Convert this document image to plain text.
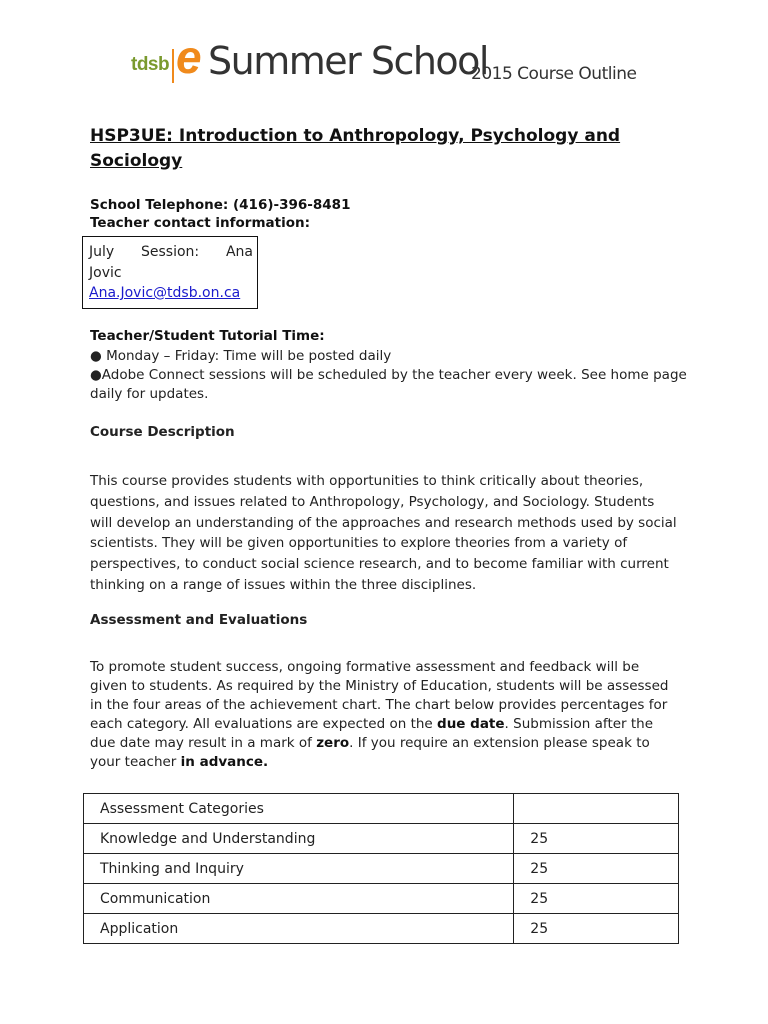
tdsb e Summer School
2015 Course Outline
HSP3UE: Introduction to Anthropology, Psychology and Sociology
School Telephone: (416)-396-8481
Teacher contact information:
July Session: Ana
Jovic
Ana.Jovic@tdsb.on.ca
Teacher/Student Tutorial Time:
● Monday – Friday: Time will be posted daily
●Adobe Connect sessions will be scheduled by the teacher every week. See home page daily for updates.
Course Description
This course provides students with opportunities to think critically about theories, questions, and issues related to Anthropology, Psychology, and Sociology. Students will develop an understanding of the approaches and research methods used by social scientists. They will be given opportunities to explore theories from a variety of perspectives, to conduct social science research, and to become familiar with current thinking on a range of issues within the three disciplines.
Assessment and Evaluations
To promote student success, ongoing formative assessment and feedback will be given to students. As required by the Ministry of Education, students will be assessed in the four areas of the achievement chart. The chart below provides percentages for each category. All evaluations are expected on the due date. Submission after the due date may result in a mark of zero. If you require an extension please speak to your teacher in advance.
Assessment Categories	
Knowledge and Understanding	25
Thinking and Inquiry	25
Communication	25
Application	25
